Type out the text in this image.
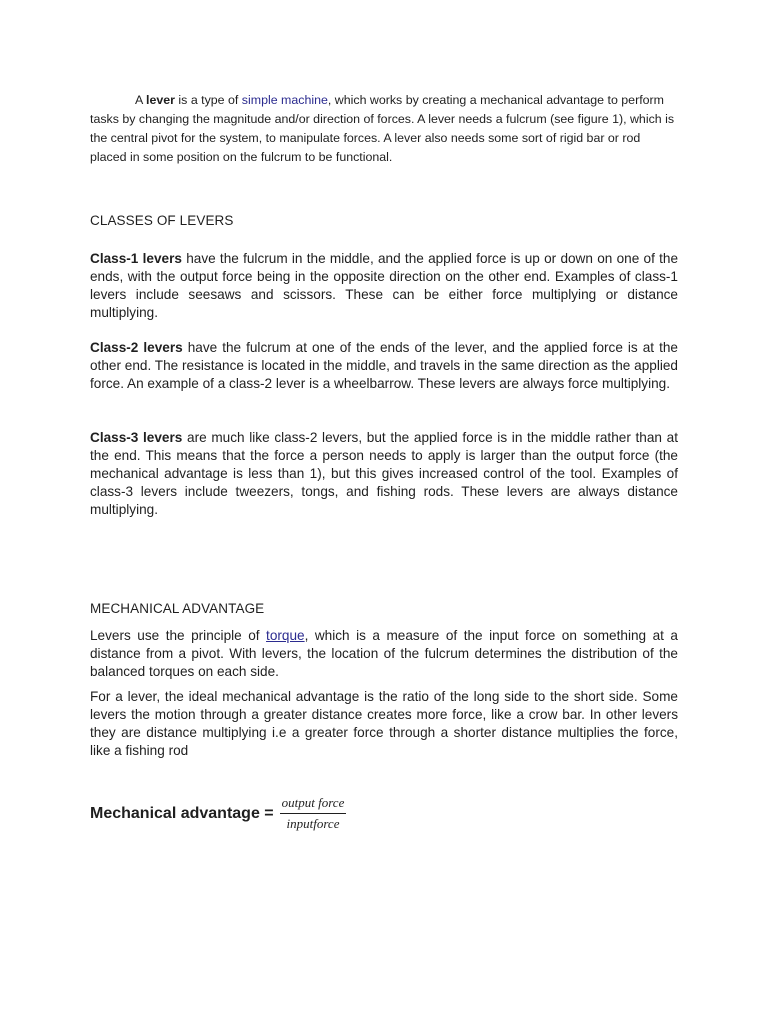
A lever is a type of simple machine, which works by creating a mechanical advantage to perform tasks by changing the magnitude and/or direction of forces. A lever needs a fulcrum (see figure 1), which is the central pivot for the system, to manipulate forces. A lever also needs some sort of rigid bar or rod placed in some position on the fulcrum to be functional.

CLASSES OF LEVERS

Class-1 levers have the fulcrum in the middle, and the applied force is up or down on one of the ends, with the output force being in the opposite direction on the other end. Examples of class-1 levers include seesaws and scissors. These can be either force multiplying or distance multiplying.

Class-2 levers have the fulcrum at one of the ends of the lever, and the applied force is at the other end. The resistance is located in the middle, and travels in the same direction as the applied force. An example of a class-2 lever is a wheelbarrow. These levers are always force multiplying.

Class-3 levers are much like class-2 levers, but the applied force is in the middle rather than at the end. This means that the force a person needs to apply is larger than the output force (the mechanical advantage is less than 1), but this gives increased control of the tool. Examples of class-3 levers include tweezers, tongs, and fishing rods. These levers are always distance multiplying.

MECHANICAL ADVANTAGE

Levers use the principle of torque, which is a measure of the input force on something at a distance from a pivot. With levers, the location of the fulcrum determines the distribution of the balanced torques on each side.

For a lever, the ideal mechanical advantage is the ratio of the long side to the short side. Some levers the motion through a greater distance creates more force, like a crow bar. In other levers they are distance multiplying i.e a greater force through a shorter distance multiplies the force, like a fishing rod

Mechanical advantage = $\frac{\text{output force}}{\text{inputforce}}$
